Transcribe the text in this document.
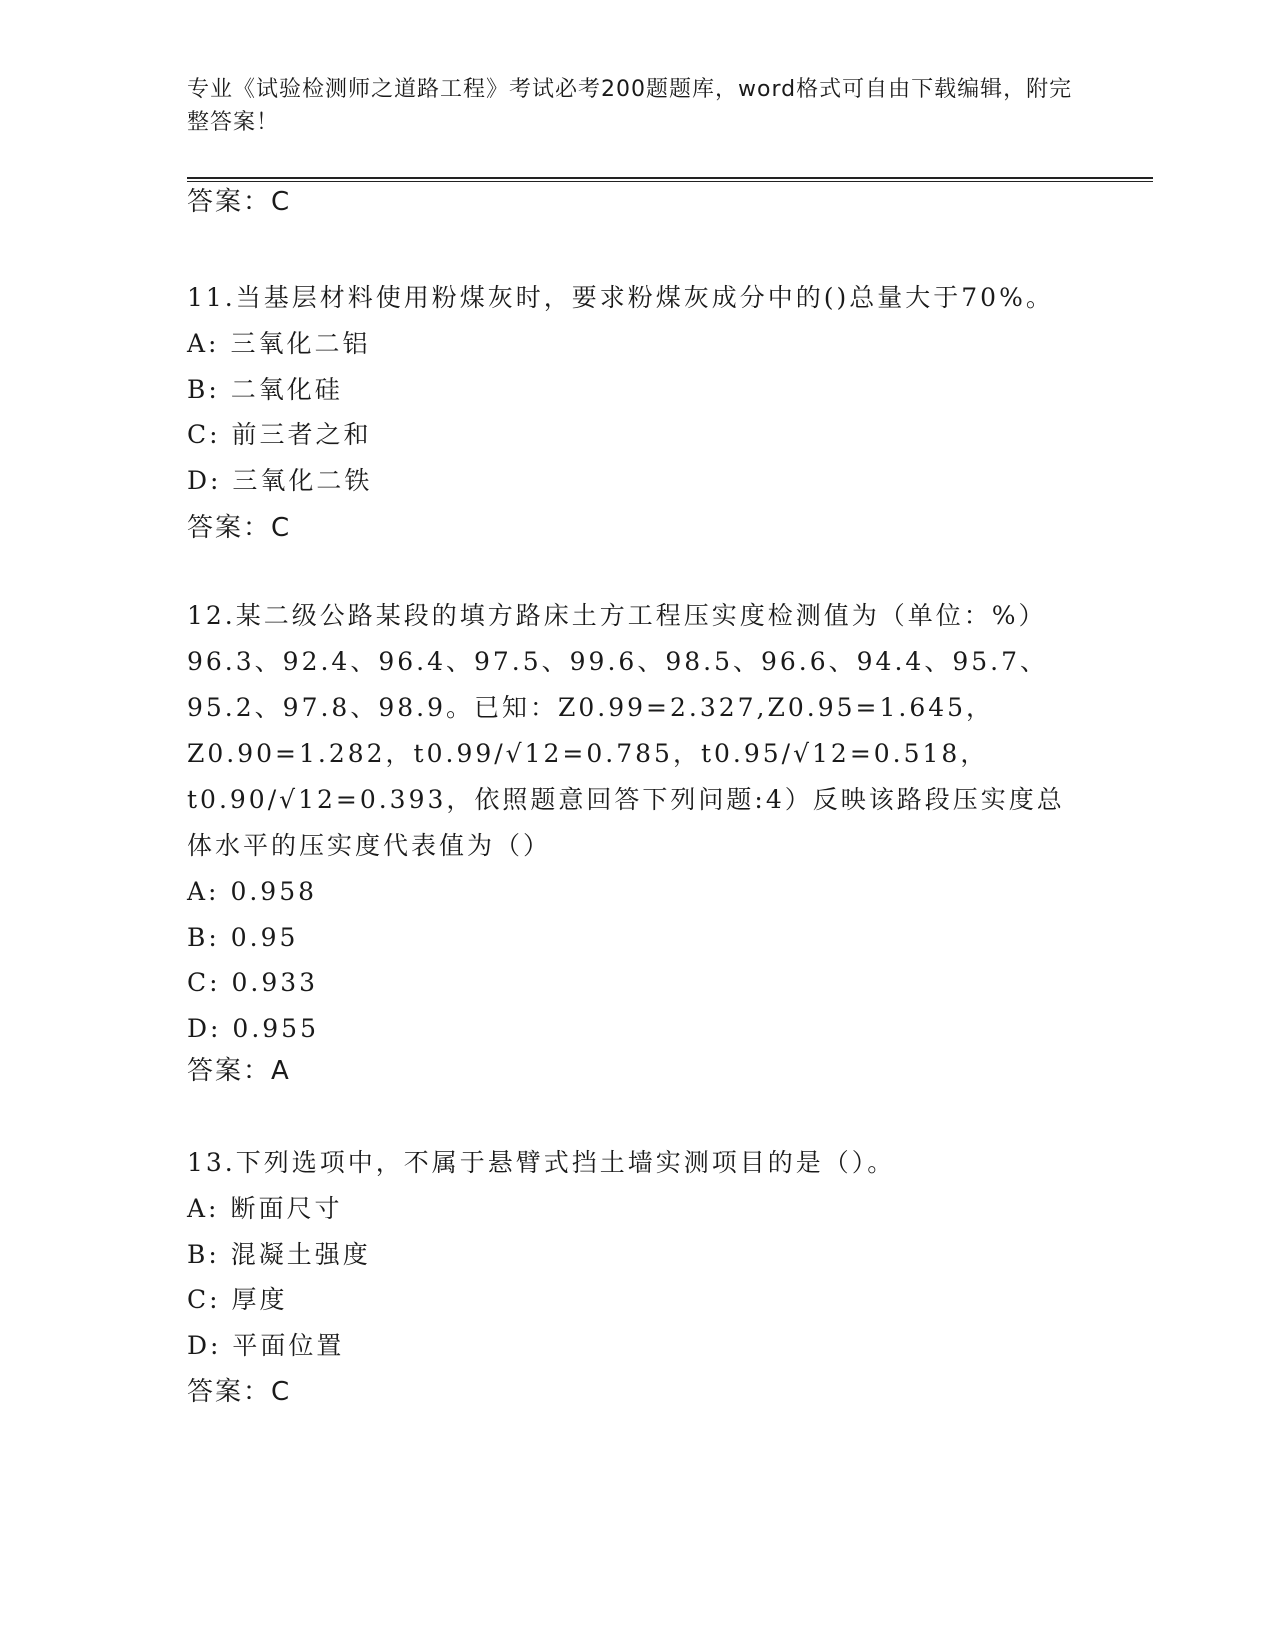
专业《试验检测师之道路工程》考试必考200题题库，word格式可自由下载编辑，附完整答案！
答案：C

11.当基层材料使用粉煤灰时，要求粉煤灰成分中的()总量大于70%。

A: 三氧化二铝

B: 二氧化硅

C: 前三者之和

D: 三氧化二铁

答案：C

12.某二级公路某段的填方路床土方工程压实度检测值为（单位：%）96.3、92.4、96.4、97.5、99.6、98.5、96.6、94.4、95.7、95.2、97.8、98.9。已知：Z0.99=2.327,Z0.95=1.645，Z0.90=1.282，t0.99/√12=0.785，t0.95/√12=0.518，t0.90/√12=0.393，依照题意回答下列问题:4）反映该路段压实度总体水平的压实度代表值为（）

A: 0.958

B: 0.95

C: 0.933

D: 0.955

答案：A

13.下列选项中，不属于悬臂式挡土墙实测项目的是（）。

A: 断面尺寸

B: 混凝土强度

C: 厚度

D: 平面位置

答案：C
